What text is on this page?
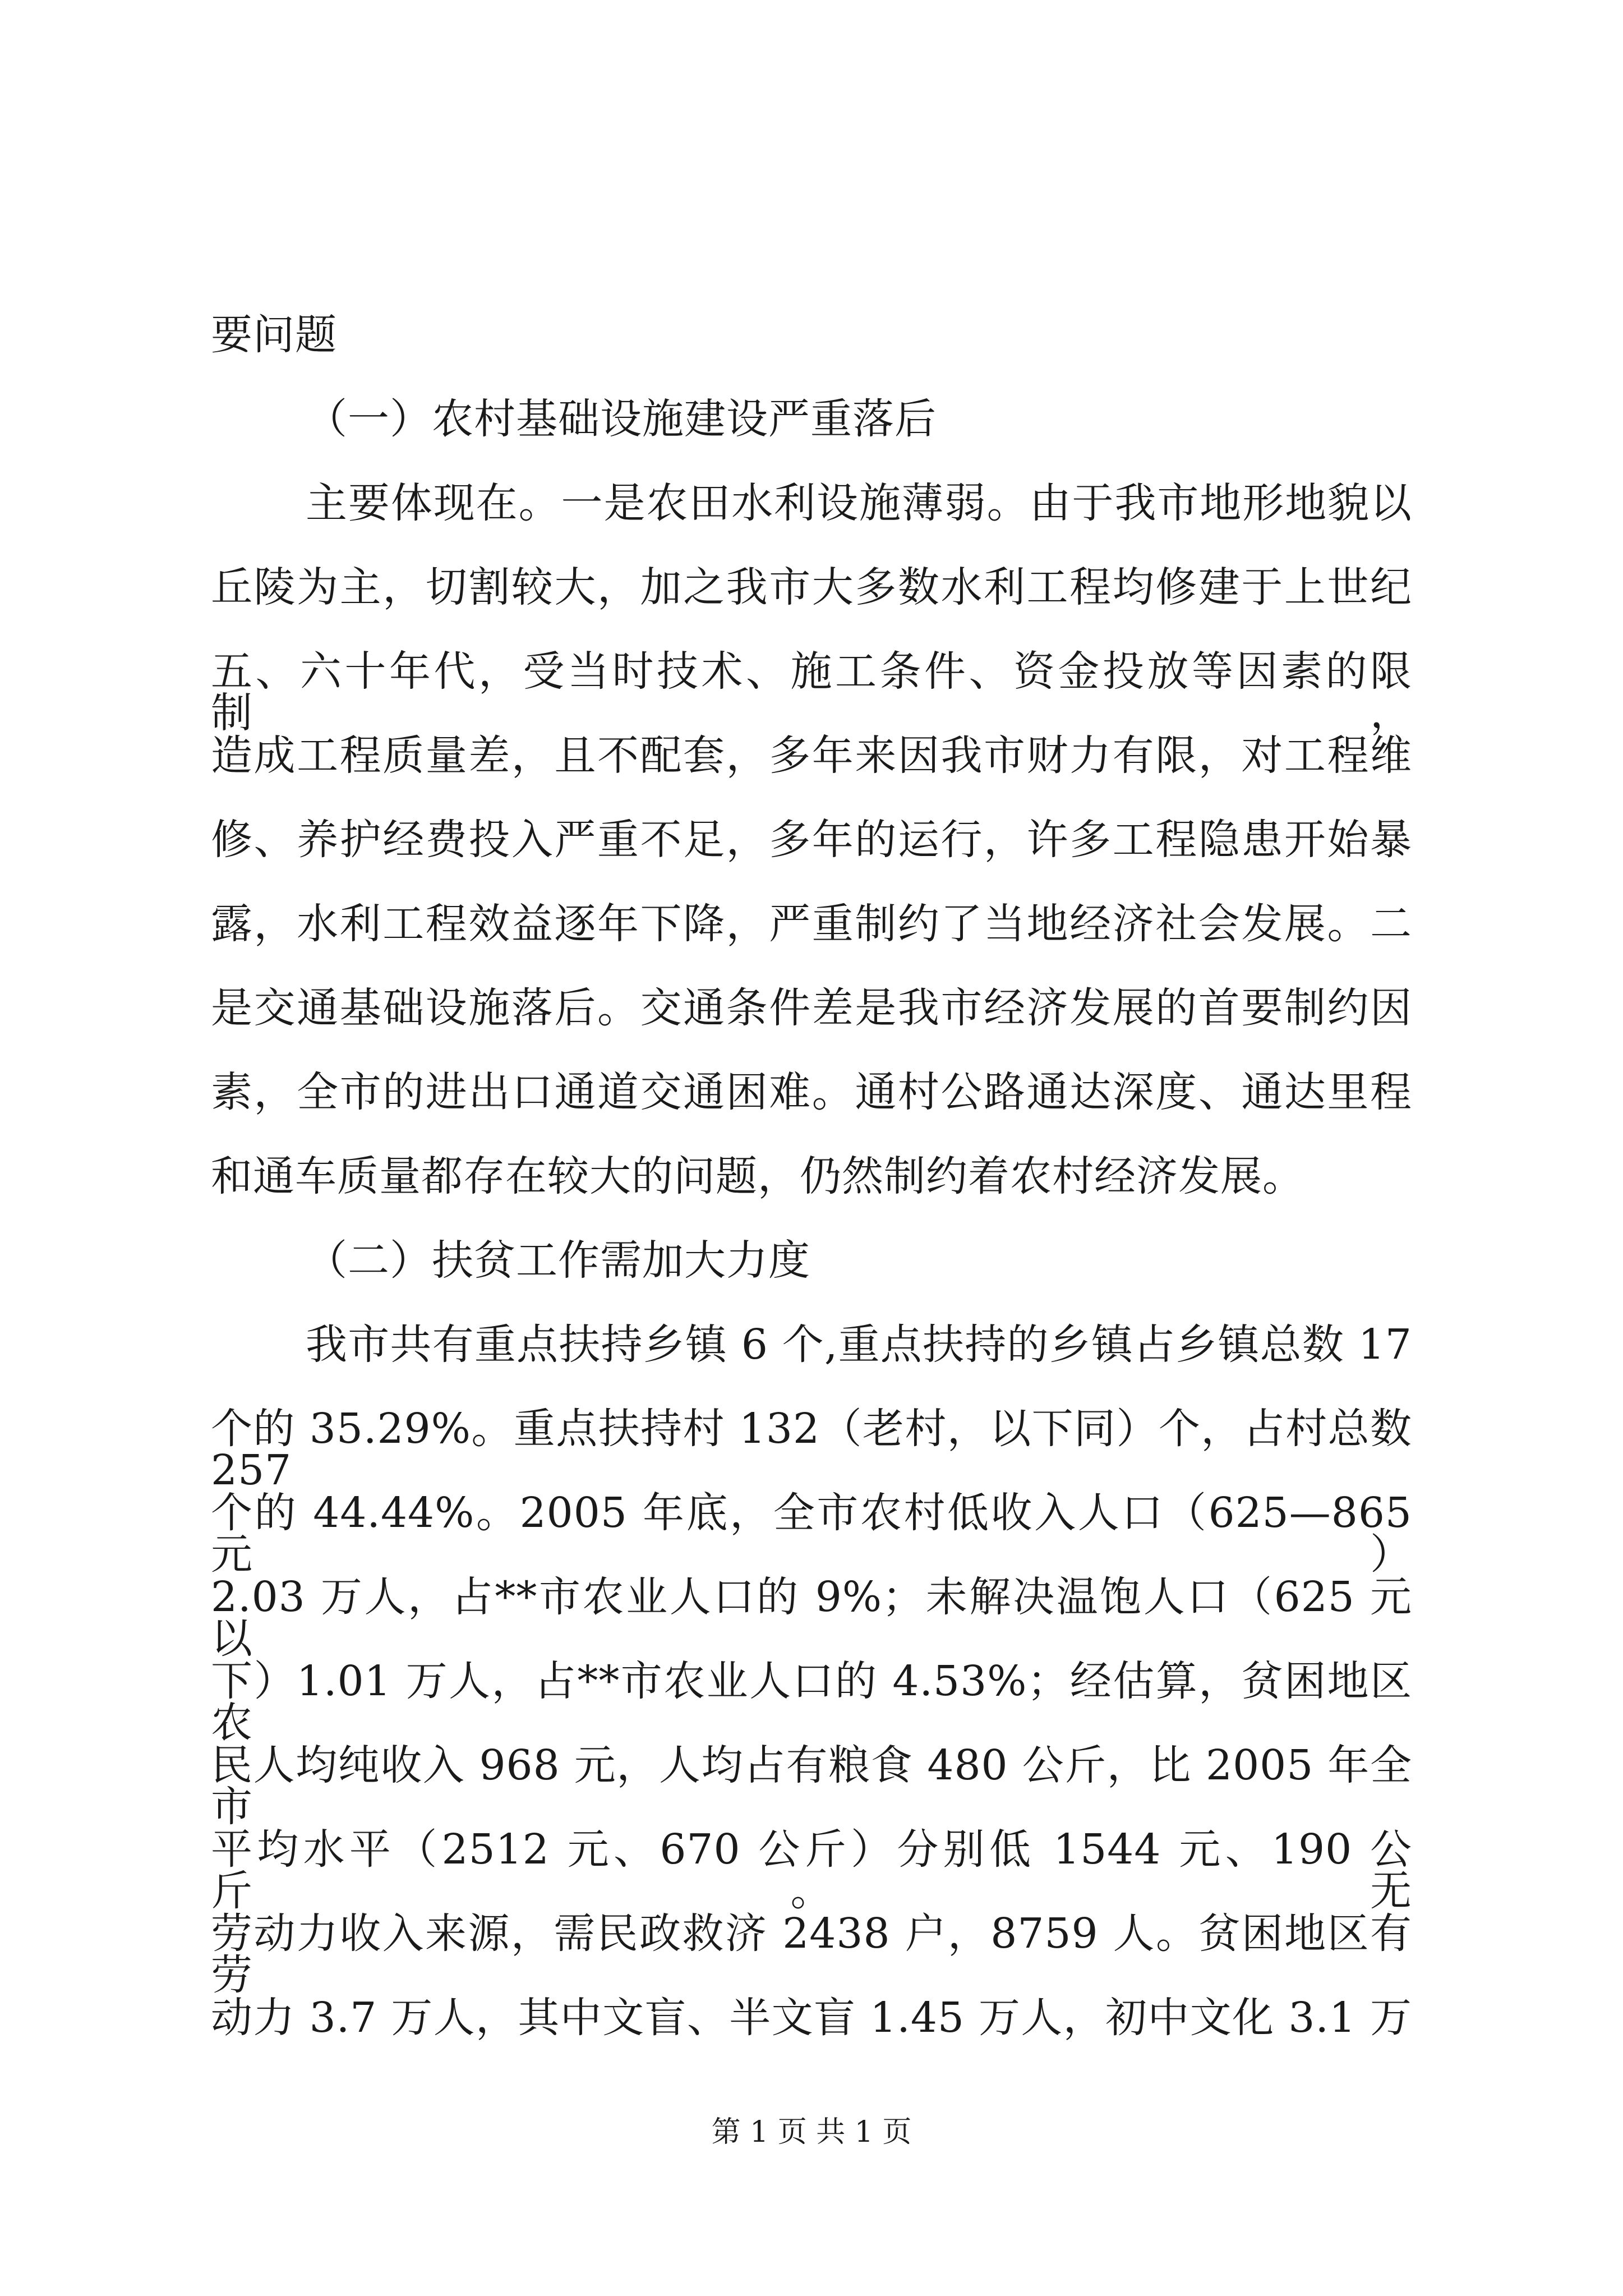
要问题
（一）农村基础设施建设严重落后
主要体现在。一是农田水利设施薄弱。由于我市地形地貌以
丘陵为主，切割较大，加之我市大多数水利工程均修建于上世纪
五、六十年代，受当时技术、施工条件、资金投放等因素的限制，
造成工程质量差，且不配套，多年来因我市财力有限，对工程维
修、养护经费投入严重不足，多年的运行，许多工程隐患开始暴
露，水利工程效益逐年下降，严重制约了当地经济社会发展。二
是交通基础设施落后。交通条件差是我市经济发展的首要制约因
素，全市的进出口通道交通困难。通村公路通达深度、通达里程
和通车质量都存在较大的问题，仍然制约着农村经济发展。
（二）扶贫工作需加大力度
我市共有重点扶持乡镇 6 个,重点扶持的乡镇占乡镇总数 17
个的 35.29%。重点扶持村 132（老村，以下同）个，占村总数 257
个的 44.44%。2005 年底，全市农村低收入人口（625—865 元）
2.03 万人，占**市农业人口的 9%；未解决温饱人口（625 元以
下）1.01 万人，占**市农业人口的 4.53%；经估算，贫困地区农
民人均纯收入 968 元，人均占有粮食 480 公斤，比 2005 年全市
平均水平（2512 元、670 公斤）分别低 1544 元、190 公斤。无
劳动力收入来源，需民政救济 2438 户，8759 人。贫困地区有劳
动力 3.7 万人，其中文盲、半文盲 1.45 万人，初中文化 3.1 万
第 1 页 共 1 页
